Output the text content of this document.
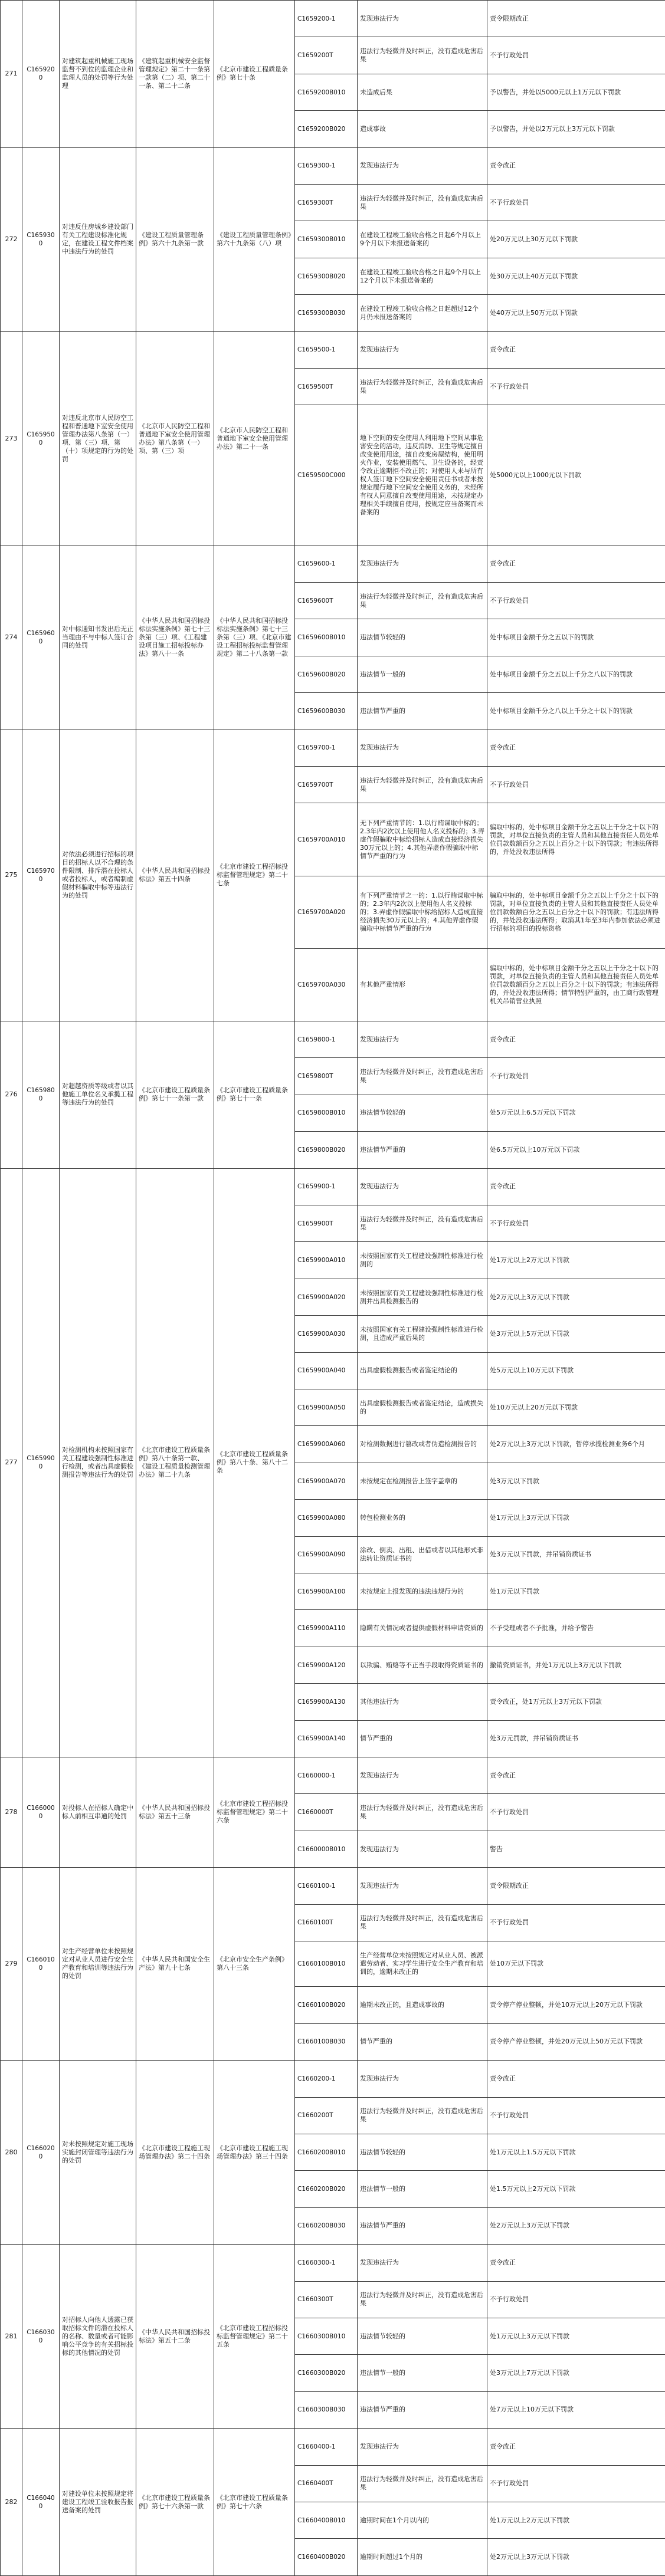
271	C1659200	对建筑起重机械施工现场监督不到位的监理企业和监理人员的处罚等行为处理	《建筑起重机械安全监督管理规定》第二十一条第一款第（二）项、第二十一条、第二十二条	《北京市建设工程质量条例》第七十条	C1659200-1	发现违法行为	责令限期改正
					C1659200T	违法行为轻微并及时纠正，没有造成危害后果	不予行政处罚
					C1659200B010	未造成后果	予以警告，并处以5000元以上1万元以下罚款
					C1659200B020	造成事故	予以警告，并处以2万元以上3万元以下罚款
272	C1659300	对违反住房城乡建设部门有关工程建设标准化规定，在建设工程文件档案中违法行为的处罚	《建设工程质量管理条例》第六十九条第一款	《建设工程质量管理条例》第六十九条第（八）项	C1659300-1	发现违法行为	责令改正
					C1659300T	违法行为轻微并及时纠正，没有造成危害后果	不予行政处罚
					C1659300B010	在建设工程竣工验收合格之日起6个月以上9个月以下未报送备案的	处20万元以上30万元以下罚款
					C1659300B020	在建设工程竣工验收合格之日起9个月以上12个月以下未报送备案的	处30万元以上40万元以下罚款
					C1659300B030	在建设工程竣工验收合格之日起超过12个月仍未报送备案的	处40万元以上50万元以下罚款
273	C1659500	对违反北京市人民防空工程和普通地下室安全使用管理办法第八条第（一）项、第（三）项、第（十）项规定的行为的处罚	《北京市人民防空工程和普通地下室安全使用管理办法》第八条第（一）项、第（三）项	《北京市人民防空工程和普通地下室安全使用管理办法》第二十一条	C1659500-1	发现违法行为	责令改正
					C1659500T	违法行为轻微并及时纠正，没有造成危害后果	不予行政处罚
					C1659500C000	地下空间的安全使用人利用地下空间从事危害安全的活动，违反消防、卫生等规定擅自改变使用用途，擅自改变房屋结构，使用明火作业，安装使用燃气、卫生设备的，经责令改正逾期拒不改正的；对使用人未与所有权人签订地下空间安全使用责任书或者未按规定履行地下空间安全使用义务的，未经所有权人同意擅自改变使用用途，未按规定办理相关手续擅自使用，按规定应当备案而未备案的	处5000元以上1000元以下罚款
274	C1659600	对中标通知书发出后无正当理由不与中标人签订合同的处罚	《中华人民共和国招标投标法实施条例》第七十三条第（三）项、《工程建设项目施工招标投标办法》第八十一条	《中华人民共和国招标投标法实施条例》第七十三条第（三）项、《北京市建设工程招标投标监督管理规定》第二十八条第一款	C1659600-1	发现违法行为	责令改正
					C1659600T	违法行为轻微并及时纠正，没有造成危害后果	不予行政处罚
					C1659600B010	违法情节较轻的	处中标项目金额千分之五以下的罚款
					C1659600B020	违法情节一般的	处中标项目金额千分之五以上千分之八以下的罚款
					C1659600B030	违法情节严重的	处中标项目金额千分之八以上千分之十以下的罚款
275	C1659700	对依法必须进行招标的项目的招标人以不合理的条件限制、排斥潜在投标人或者投标人，或者编制虚假材料骗取中标等违法行为的处罚	《中华人民共和国招标投标法》第五十四条	《北京市建设工程招标投标监督管理规定》第二十七条	C1659700-1	发现违法行为	责令改正
					C1659700T	违法行为轻微并及时纠正，没有造成危害后果	不予行政处罚
					C1659700A010	无下列严重情节的：1.以行贿谋取中标的；2.3年内2次以上使用他人名义投标的；3.弄虚作假骗取中标给招标人造成直接经济损失30万元以上的；4.其他弄虚作假骗取中标情节严重的行为	骗取中标的，处中标项目金额千分之五以上千分之十以下的罚款，对单位直接负责的主管人员和其他直接责任人员处单位罚款数额百分之五以上百分之十以下的罚款；有违法所得的，并处没收违法所得
					C1659700A020	有下列严重情节之一的：1.以行贿谋取中标的；2.3年内2次以上使用他人名义投标的；3.弄虚作假骗取中标给招标人造成直接经济损失30万元以上的；4.其他弄虚作假骗取中标情节严重的行为	骗取中标的，处中标项目金额千分之五以上千分之十以下的罚款，对单位直接负责的主管人员和其他直接责任人员处单位罚款数额百分之五以上百分之十以下的罚款；有违法所得的，并处没收违法所得；取消其1年至3年内参加依法必须进行招标的项目的投标资格
					C1659700A030	有其他严重情形	骗取中标的，处中标项目金额千分之五以上千分之十以下的罚款，对单位直接负责的主管人员和其他直接责任人员处单位罚款数额百分之五以上百分之十以下的罚款；有违法所得的，并处没收违法所得；情节特别严重的，由工商行政管理机关吊销营业执照
276	C1659800	对超越资质等级或者以其他施工单位名义承揽工程等违法行为的处罚	《北京市建设工程质量条例》第七十一条第一款	《北京市建设工程质量条例》第七十一条	C1659800-1	发现违法行为	责令改正
					C1659800T	违法行为轻微并及时纠正，没有造成危害后果	不予行政处罚
					C1659800B010	违法情节较轻的	处5万元以上6.5万元以下罚款
					C1659800B020	违法情节严重的	处6.5万元以上10万元以下罚款
277	C1659900	对检测机构未按照国家有关工程建设强制性标准进行检测，或者出具虚假检测报告等违法行为的处罚	《北京市建设工程质量条例》第八十条第一款、《建设工程质量检测管理办法》第二十九条	《北京市建设工程质量条例》第八十条、第八十二条	C1659900-1	发现违法行为	责令改正
					C1659900T	违法行为轻微并及时纠正，没有造成危害后果	不予行政处罚
					C1659900A010	未按照国家有关工程建设强制性标准进行检测的	处1万元以上2万元以下罚款
					C1659900A020	未按照国家有关工程建设强制性标准进行检测并出具检测报告的	处2万元以上3万元以下罚款
					C1659900A030	未按照国家有关工程建设强制性标准进行检测，且造成严重后果的	处3万元以上5万元以下罚款
					C1659900A040	出具虚假检测报告或者鉴定结论的	处5万元以上10万元以下罚款
					C1659900A050	出具虚假检测报告或者鉴定结论，造成损失的	处10万元以上20万元以下罚款
					C1659900A060	对检测数据进行篡改或者伪造检测报告的	处2万元以上3万元以下罚款，暂停承揽检测业务6个月
					C1659900A070	未按规定在检测报告上签字盖章的	处3万元以下罚款
					C1659900A080	转包检测业务的	处1万元以上3万元以下罚款
					C1659900A090	涂改、倒卖、出租、出借或者以其他形式非法转让资质证书的	处3万元以下罚款，并吊销资质证书
					C1659900A100	未按规定上报发现的违法违规行为的	处1万元以下罚款
					C1659900A110	隐瞒有关情况或者提供虚假材料申请资质的	不予受理或者不予批准，并给予警告
					C1659900A120	以欺骗、贿赂等不正当手段取得资质证书的	撤销资质证书，并处1万元以上3万元以下罚款
					C1659900A130	其他违法行为	责令改正，处1万元以上3万元以下罚款
					C1659900A140	情节严重的	处3万元罚款，并吊销资质证书
278	C1660000	对投标人在招标人确定中标人前相互串通的处罚	《中华人民共和国招标投标法》第五十三条	《北京市建设工程招标投标监督管理规定》第二十六条	C1660000-1	发现违法行为	责令改正
					C1660000T	违法行为轻微并及时纠正，没有造成危害后果	不予行政处罚
					C1660000B010	发现违法行为	警告
279	C1660100	对生产经营单位未按照规定对从业人员进行安全生产教育和培训等违法行为的处罚	《中华人民共和国安全生产法》第九十七条	《北京市安全生产条例》第八十三条	C1660100-1	发现违法行为	责令限期改正
					C1660100T	违法行为轻微并及时纠正，没有造成危害后果	不予行政处罚
					C1660100B010	生产经营单位未按照规定对从业人员、被派遣劳动者、实习学生进行安全生产教育和培训的，逾期未改正的	处10万元以下罚款
					C1660100B020	逾期未改正的，且造成事故的	责令停产停业整顿，并处10万元以上20万元以下罚款
					C1660100B030	情节严重的	责令停产停业整顿，并处20万元以上50万元以下罚款
280	C1660200	对未按照规定对施工现场实施封闭管理等违法行为的处罚	《北京市建设工程施工现场管理办法》第二十四条	《北京市建设工程施工现场管理办法》第三十四条	C1660200-1	发现违法行为	责令改正
					C1660200T	违法行为轻微并及时纠正，没有造成危害后果	不予行政处罚
					C1660200B010	违法情节较轻的	处1万元以上1.5万元以下罚款
					C1660200B020	违法情节一般的	处1.5万元以上2万元以下罚款
					C1660200B030	违法情节严重的	处2万元以上3万元以下罚款
281	C1660300	对招标人向他人透露已获取招标文件的潜在投标人的名称、数量或者可能影响公平竞争的有关招标投标的其他情况的处罚	《中华人民共和国招标投标法》第五十二条	《北京市建设工程招标投标监督管理规定》第二十五条	C1660300-1	发现违法行为	责令改正
					C1660300T	违法行为轻微并及时纠正，没有造成危害后果	不予行政处罚
					C1660300B010	违法情节较轻的	处1万元以上3万元以下罚款
					C1660300B020	违法情节一般的	处3万元以上7万元以下罚款
					C1660300B030	违法情节严重的	处7万元以上10万元以下罚款
282	C1660400	对建设单位未按照规定将建设工程竣工验收报告报送备案的处罚	《北京市建设工程质量条例》第七十六条第一款	《北京市建设工程质量条例》第七十六条	C1660400-1	发现违法行为	责令改正
					C1660400T	违法行为轻微并及时纠正，没有造成危害后果	不予行政处罚
					C1660400B010	逾期时间在1个月以内的	处1万元以上2万元以下罚款
					C1660400B020	逾期时间超过1个月的	处2万元以上3万元以下罚款
